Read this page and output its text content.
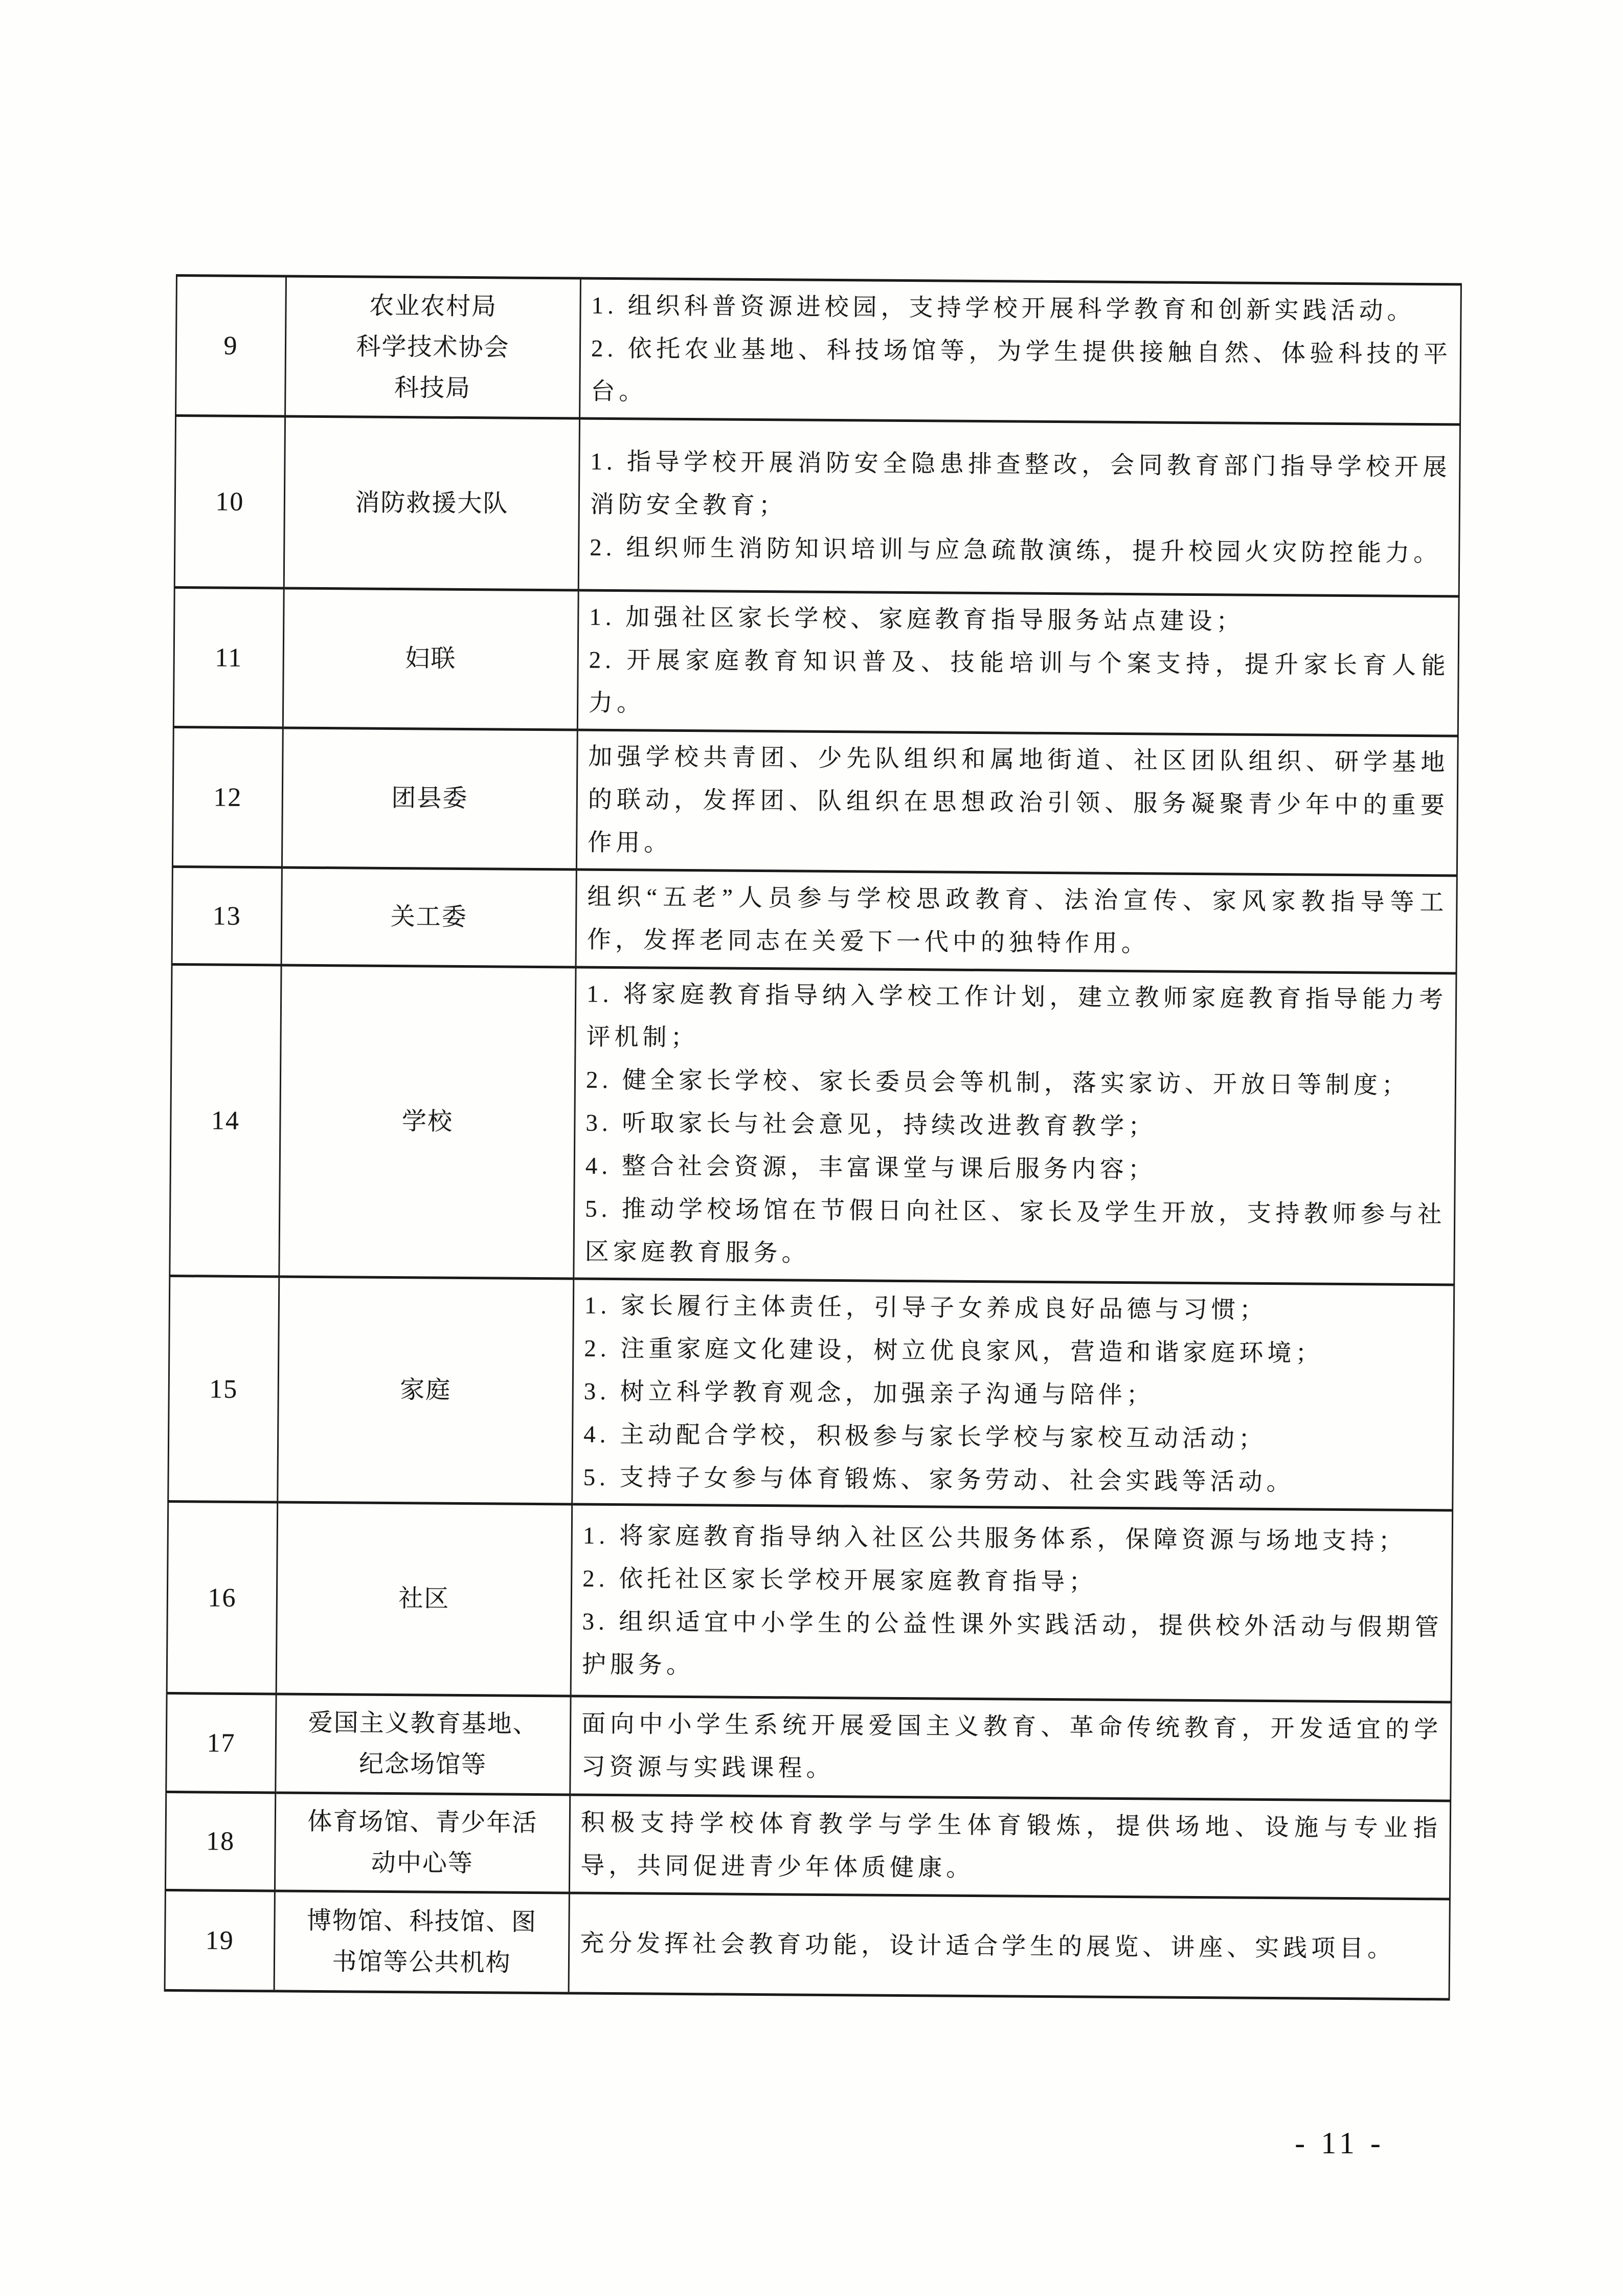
9	农业农村局
科学技术协会
科技局	1. 组织科普资源进校园，支持学校开展科学教育和创新实践活动。
2. 依托农业基地、科技场馆等，为学生提供接触自然、体验科技的平台。
10	消防救援大队	1. 指导学校开展消防安全隐患排查整改，会同教育部门指导学校开展消防安全教育；
2. 组织师生消防知识培训与应急疏散演练，提升校园火灾防控能力。
11	妇联	1. 加强社区家长学校、家庭教育指导服务站点建设；
2. 开展家庭教育知识普及、技能培训与个案支持，提升家长育人能力。
12	团县委	加强学校共青团、少先队组织和属地街道、社区团队组织、研学基地的联动，发挥团、队组织在思想政治引领、服务凝聚青少年中的重要作用。
13	关工委	组织“五老”人员参与学校思政教育、法治宣传、家风家教指导等工作，发挥老同志在关爱下一代中的独特作用。
14	学校	1. 将家庭教育指导纳入学校工作计划，建立教师家庭教育指导能力考评机制；
2. 健全家长学校、家长委员会等机制，落实家访、开放日等制度；
3. 听取家长与社会意见，持续改进教育教学；
4. 整合社会资源，丰富课堂与课后服务内容；
5. 推动学校场馆在节假日向社区、家长及学生开放，支持教师参与社区家庭教育服务。
15	家庭	1. 家长履行主体责任，引导子女养成良好品德与习惯；
2. 注重家庭文化建设，树立优良家风，营造和谐家庭环境；
3. 树立科学教育观念，加强亲子沟通与陪伴；
4. 主动配合学校，积极参与家长学校与家校互动活动；
5. 支持子女参与体育锻炼、家务劳动、社会实践等活动。
16	社区	1. 将家庭教育指导纳入社区公共服务体系，保障资源与场地支持；
2. 依托社区家长学校开展家庭教育指导；
3. 组织适宜中小学生的公益性课外实践活动，提供校外活动与假期管护服务。
17	爱国主义教育基地、
纪念场馆等	面向中小学生系统开展爱国主义教育、革命传统教育，开发适宜的学习资源与实践课程。
18	体育场馆、青少年活
动中心等	积极支持学校体育教学与学生体育锻炼，提供场地、设施与专业指导，共同促进青少年体质健康。
19	博物馆、科技馆、图
书馆等公共机构	充分发挥社会教育功能，设计适合学生的展览、讲座、实践项目。
- 11 -
